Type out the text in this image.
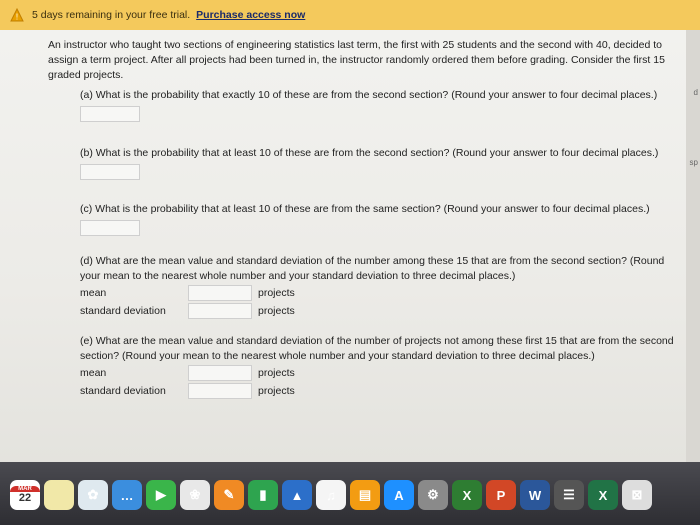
! 5 days remaining in your free trial. Purchase access now
d
sp

An instructor who taught two sections of engineering statistics last term, the first with 25 students and the second with 40, decided to assign a term project. After all projects had been turned in, the instructor randomly ordered them before grading. Consider the first 15 graded projects.

(a) What is the probability that exactly 10 of these are from the second section? (Round your answer to four decimal places.)

(b) What is the probability that at least 10 of these are from the second section? (Round your answer to four decimal places.)

(c) What is the probability that at least 10 of these are from the same section? (Round your answer to four decimal places.)

(d) What are the mean value and standard deviation of the number among these 15 that are from the second section? (Round your mean to the nearest whole number and your standard deviation to three decimal places.)

mean	projects
standard deviation	projects

(e) What are the mean value and standard deviation of the number of projects not among these first 15 that are from the second section? (Round your mean to the nearest whole number and your standard deviation to three decimal places.)

mean	projects
standard deviation	projects
MAR
22	✿	…	▶	❀	✎	▮	▲	♫	▤	A	⚙	X	P	W	☰	X	⊠
